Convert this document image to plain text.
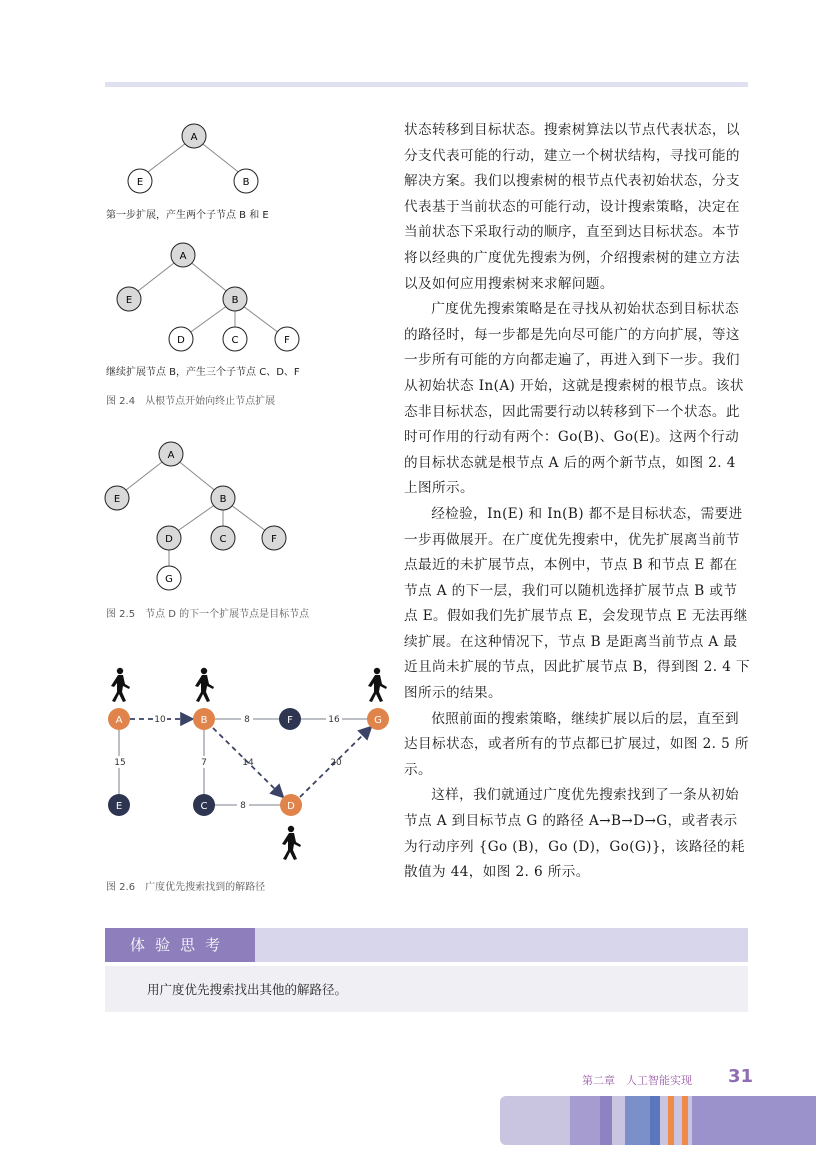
A
E	B
第一步扩展，产生两个子节点 B 和 E
A
E	B
D	C	F
继续扩展节点 B，产生三个子节点 C、D、F
图 2.4　从根节点开始向终止节点扩展
A
E	B
D	C	F
G
图 2.5　节点 D 的下一个扩展节点是目标节点
10	8	16
15	7	14	20
8
A	B	F	G
E	C	D
图 2.6　广度优先搜索找到的解路径

状态转移到目标状态。搜索树算法以节点代表状态，以分支代表可能的行动，建立一个树状结构，寻找可能的解决方案。我们以搜索树的根节点代表初始状态，分支代表基于当前状态的可能行动，设计搜索策略，决定在当前状态下采取行动的顺序，直至到达目标状态。本节将以经典的广度优先搜索为例，介绍搜索树的建立方法以及如何应用搜索树来求解问题。

广度优先搜索策略是在寻找从初始状态到目标状态的路径时，每一步都是先向尽可能广的方向扩展，等这一步所有可能的方向都走遍了，再进入到下一步。我们从初始状态 In(A) 开始，这就是搜索树的根节点。该状态非目标状态，因此需要行动以转移到下一个状态。此时可作用的行动有两个：Go(B)、Go(E)。这两个行动的目标状态就是根节点 A 后的两个新节点，如图 2. 4 上图所示。

经检验，In(E) 和 In(B) 都不是目标状态，需要进一步再做展开。在广度优先搜索中，优先扩展离当前节点最近的未扩展节点，本例中，节点 B 和节点 E 都在节点 A 的下一层，我们可以随机选择扩展节点 B 或节点 E。假如我们先扩展节点 E，会发现节点 E 无法再继续扩展。在这种情况下，节点 B 是距离当前节点 A 最近且尚未扩展的节点，因此扩展节点 B，得到图 2. 4 下图所示的结果。

依照前面的搜索策略，继续扩展以后的层，直至到达目标状态，或者所有的节点都已扩展过，如图 2. 5 所示。

这样，我们就通过广度优先搜索找到了一条从初始节点 A 到目标节点 G 的路径 A→B→D→G，或者表示为行动序列 {Go (B)，Go (D)，Go(G)}，该路径的耗散值为 44，如图 2. 6 所示。

体验思考
用广度优先搜索找出其他的解路径。
第二章　人工智能实现 31
